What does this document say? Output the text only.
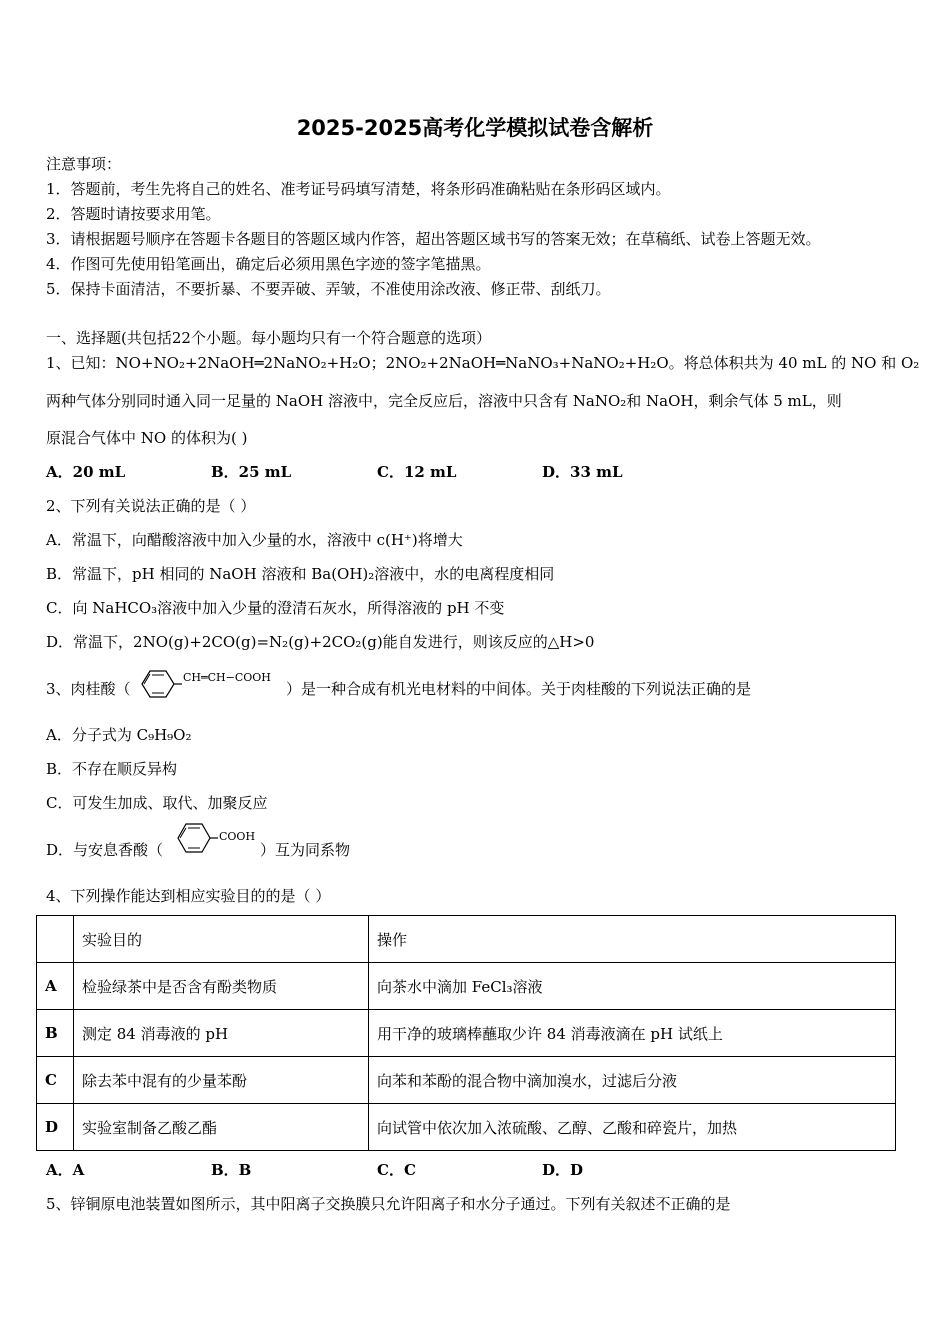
2025-2025高考化学模拟试卷含解析
注意事项：
1．答题前，考生先将自己的姓名、准考证号码填写清楚，将条形码准确粘贴在条形码区域内。
2．答题时请按要求用笔。
3．请根据题号顺序在答题卡各题目的答题区域内作答，超出答题区域书写的答案无效；在草稿纸、试卷上答题无效。
4．作图可先使用铅笔画出，确定后必须用黑色字迹的签字笔描黑。
5．保持卡面清洁，不要折暴、不要弄破、弄皱，不准使用涂改液、修正带、刮纸刀。
一、选择题(共包括22个小题。每小题均只有一个符合题意的选项）
1、已知：NO+NO₂+2NaOH═2NaNO₂+H₂O；2NO₂+2NaOH═NaNO₃+NaNO₂+H₂O。将总体积共为 40 mL 的 NO 和 O₂
两种气体分别同时通入同一足量的 NaOH 溶液中，完全反应后，溶液中只含有 NaNO₂和 NaOH，剩余气体 5 mL，则
原混合气体中 NO 的体积为( )
A．20 mL	B．25 mL	C．12 mL	D．33 mL
2、下列有关说法正确的是（ ）
A．常温下，向醋酸溶液中加入少量的水，溶液中 c(H⁺)将增大
B．常温下，pH 相同的 NaOH 溶液和 Ba(OH)₂溶液中，水的电离程度相同
C．向 NaHCO₃溶液中加入少量的澄清石灰水，所得溶液的 pH 不变
D．常温下，2NO(g)+2CO(g)=N₂(g)+2CO₂(g)能自发进行，则该反应的△H>0
3、肉桂酸（
CH═CH−COOH
）是一种合成有机光电材料的中间体。关于肉桂酸的下列说法正确的是
A．分子式为 C₉H₉O₂
B．不存在顺反异构
C．可发生加成、取代、加聚反应
D．与安息香酸（
COOH
）互为同系物
4、下列操作能达到相应实验目的的是（ ）
	实验目的	操作
A	检验绿茶中是否含有酚类物质	向茶水中滴加 FeCl₃溶液
B	测定 84 消毒液的 pH	用干净的玻璃棒蘸取少许 84 消毒液滴在 pH 试纸上
C	除去苯中混有的少量苯酚	向苯和苯酚的混合物中滴加溴水，过滤后分液
D	实验室制备乙酸乙酯	向试管中依次加入浓硫酸、乙醇、乙酸和碎瓷片，加热
A．A	B．B	C．C	D．D
5、锌铜原电池装置如图所示，其中阳离子交换膜只允许阳离子和水分子通过。下列有关叙述不正确的是
